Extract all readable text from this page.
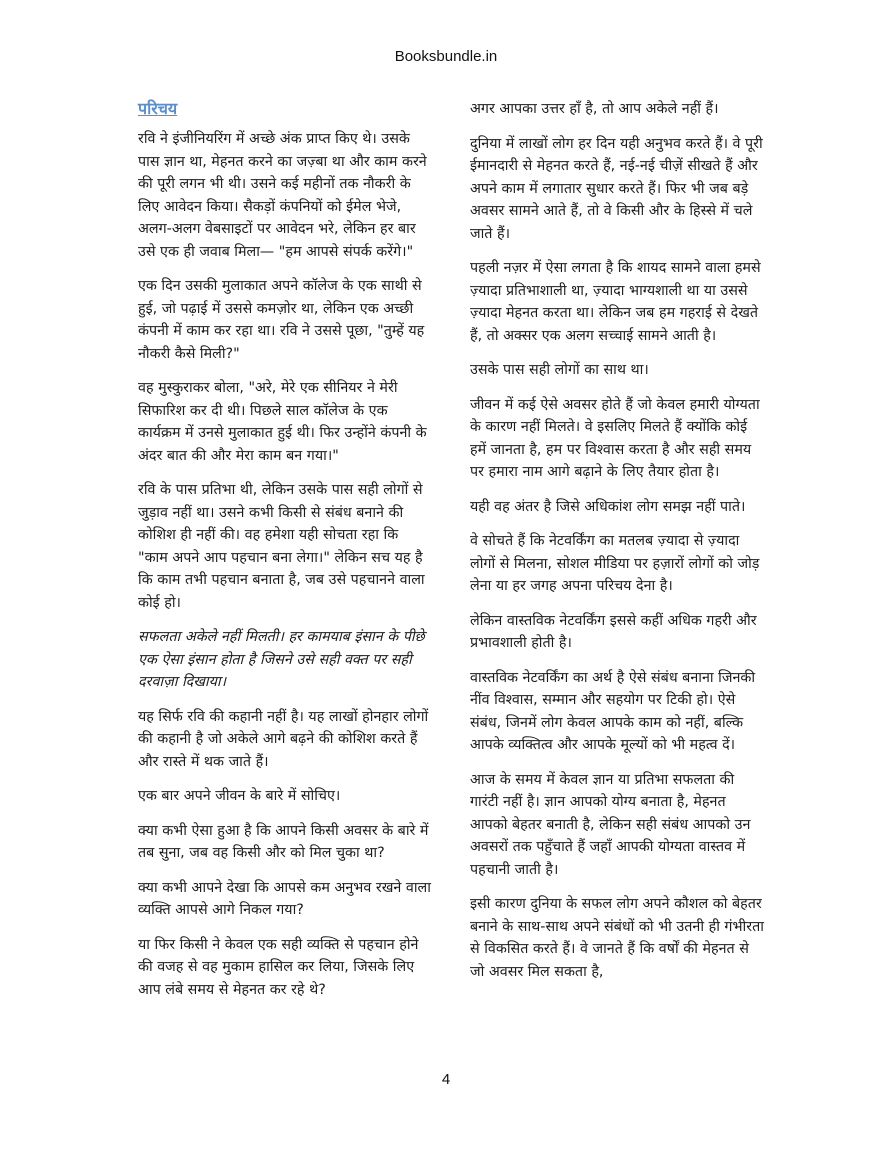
Booksbundle.in
परिचय

रवि ने इंजीनियरिंग में अच्छे अंक प्राप्त किए थे। उसके पास ज्ञान था, मेहनत करने का जज़्बा था और काम करने की पूरी लगन भी थी। उसने कई महीनों तक नौकरी के लिए आवेदन किया। सैकड़ों कंपनियों को ईमेल भेजे, अलग-अलग वेबसाइटों पर आवेदन भरे, लेकिन हर बार उसे एक ही जवाब मिला— "हम आपसे संपर्क करेंगे।"

एक दिन उसकी मुलाकात अपने कॉलेज के एक साथी से हुई, जो पढ़ाई में उससे कमज़ोर था, लेकिन एक अच्छी कंपनी में काम कर रहा था। रवि ने उससे पूछा, "तुम्हें यह नौकरी कैसे मिली?"

वह मुस्कुराकर बोला, "अरे, मेरे एक सीनियर ने मेरी सिफारिश कर दी थी। पिछले साल कॉलेज के एक कार्यक्रम में उनसे मुलाकात हुई थी। फिर उन्होंने कंपनी के अंदर बात की और मेरा काम बन गया।"

रवि के पास प्रतिभा थी, लेकिन उसके पास सही लोगों से जुड़ाव नहीं था। उसने कभी किसी से संबंध बनाने की कोशिश ही नहीं की। वह हमेशा यही सोचता रहा कि "काम अपने आप पहचान बना लेगा।" लेकिन सच यह है कि काम तभी पहचान बनाता है, जब उसे पहचानने वाला कोई हो।

सफलता अकेले नहीं मिलती। हर कामयाब इंसान के पीछे एक ऐसा इंसान होता है जिसने उसे सही वक्त पर सही दरवाज़ा दिखाया।

यह सिर्फ रवि की कहानी नहीं है। यह लाखों होनहार लोगों की कहानी है जो अकेले आगे बढ़ने की कोशिश करते हैं और रास्ते में थक जाते हैं।

एक बार अपने जीवन के बारे में सोचिए।

क्या कभी ऐसा हुआ है कि आपने किसी अवसर के बारे में तब सुना, जब वह किसी और को मिल चुका था?

क्या कभी आपने देखा कि आपसे कम अनुभव रखने वाला व्यक्ति आपसे आगे निकल गया?

या फिर किसी ने केवल एक सही व्यक्ति से पहचान होने की वजह से वह मुकाम हासिल कर लिया, जिसके लिए आप लंबे समय से मेहनत कर रहे थे?

अगर आपका उत्तर हाँ है, तो आप अकेले नहीं हैं।

दुनिया में लाखों लोग हर दिन यही अनुभव करते हैं। वे पूरी ईमानदारी से मेहनत करते हैं, नई-नई चीज़ें सीखते हैं और अपने काम में लगातार सुधार करते हैं। फिर भी जब बड़े अवसर सामने आते हैं, तो वे किसी और के हिस्से में चले जाते हैं।

पहली नज़र में ऐसा लगता है कि शायद सामने वाला हमसे ज़्यादा प्रतिभाशाली था, ज़्यादा भाग्यशाली था या उससे ज़्यादा मेहनत करता था। लेकिन जब हम गहराई से देखते हैं, तो अक्सर एक अलग सच्चाई सामने आती है।

उसके पास सही लोगों का साथ था।

जीवन में कई ऐसे अवसर होते हैं जो केवल हमारी योग्यता के कारण नहीं मिलते। वे इसलिए मिलते हैं क्योंकि कोई हमें जानता है, हम पर विश्वास करता है और सही समय पर हमारा नाम आगे बढ़ाने के लिए तैयार होता है।

यही वह अंतर है जिसे अधिकांश लोग समझ नहीं पाते।

वे सोचते हैं कि नेटवर्किंग का मतलब ज़्यादा से ज़्यादा लोगों से मिलना, सोशल मीडिया पर हज़ारों लोगों को जोड़ लेना या हर जगह अपना परिचय देना है।

लेकिन वास्तविक नेटवर्किंग इससे कहीं अधिक गहरी और प्रभावशाली होती है।

वास्तविक नेटवर्किंग का अर्थ है ऐसे संबंध बनाना जिनकी नींव विश्वास, सम्मान और सहयोग पर टिकी हो। ऐसे संबंध, जिनमें लोग केवल आपके काम को नहीं, बल्कि आपके व्यक्तित्व और आपके मूल्यों को भी महत्व दें।

आज के समय में केवल ज्ञान या प्रतिभा सफलता की गारंटी नहीं है। ज्ञान आपको योग्य बनाता है, मेहनत आपको बेहतर बनाती है, लेकिन सही संबंध आपको उन अवसरों तक पहुँचाते हैं जहाँ आपकी योग्यता वास्तव में पहचानी जाती है।

इसी कारण दुनिया के सफल लोग अपने कौशल को बेहतर बनाने के साथ-साथ अपने संबंधों को भी उतनी ही गंभीरता से विकसित करते हैं। वे जानते हैं कि वर्षों की मेहनत से जो अवसर मिल सकता है,

4
